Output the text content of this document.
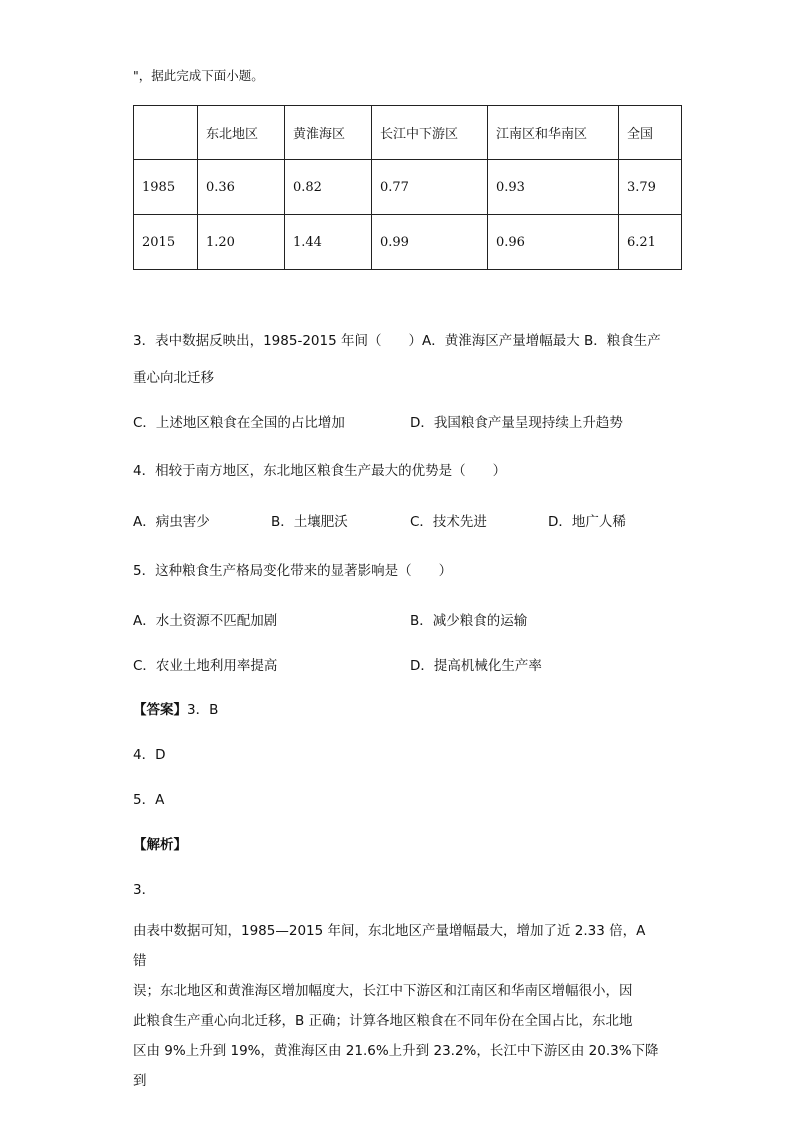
"，据此完成下面小题。
	东北地区	黄淮海区	长江中下游区	江南区和华南区	全国
1985	0.36	0.82	0.77	0.93	3.79
2015	1.20	1.44	0.99	0.96	6.21
3．表中数据反映出，1985-2015 年间（　　）A．黄淮海区产量增幅最大 B．粮食生产
重心向北迁移
C．上述地区粮食在全国的占比增加	D．我国粮食产量呈现持续上升趋势
4．相较于南方地区，东北地区粮食生产最大的优势是（　　）
A．病虫害少	B．土壤肥沃	C．技术先进	D．地广人稀
5．这种粮食生产格局变化带来的显著影响是（　　）
A．水土资源不匹配加剧	B．减少粮食的运输
C．农业土地利用率提高	D．提高机械化生产率
【答案】3．B
4．D
5．A
【解析】
3．
由表中数据可知，1985—2015 年间，东北地区产量增幅最大，增加了近 2.33 倍，A 错
误；东北地区和黄淮海区增加幅度大，长江中下游区和江南区和华南区增幅很小，因
此粮食生产重心向北迁移，B 正确；计算各地区粮食在不同年份在全国占比，东北地
区由 9%上升到 19%，黄淮海区由 21.6%上升到 23.2%，长江中下游区由 20.3%下降到
